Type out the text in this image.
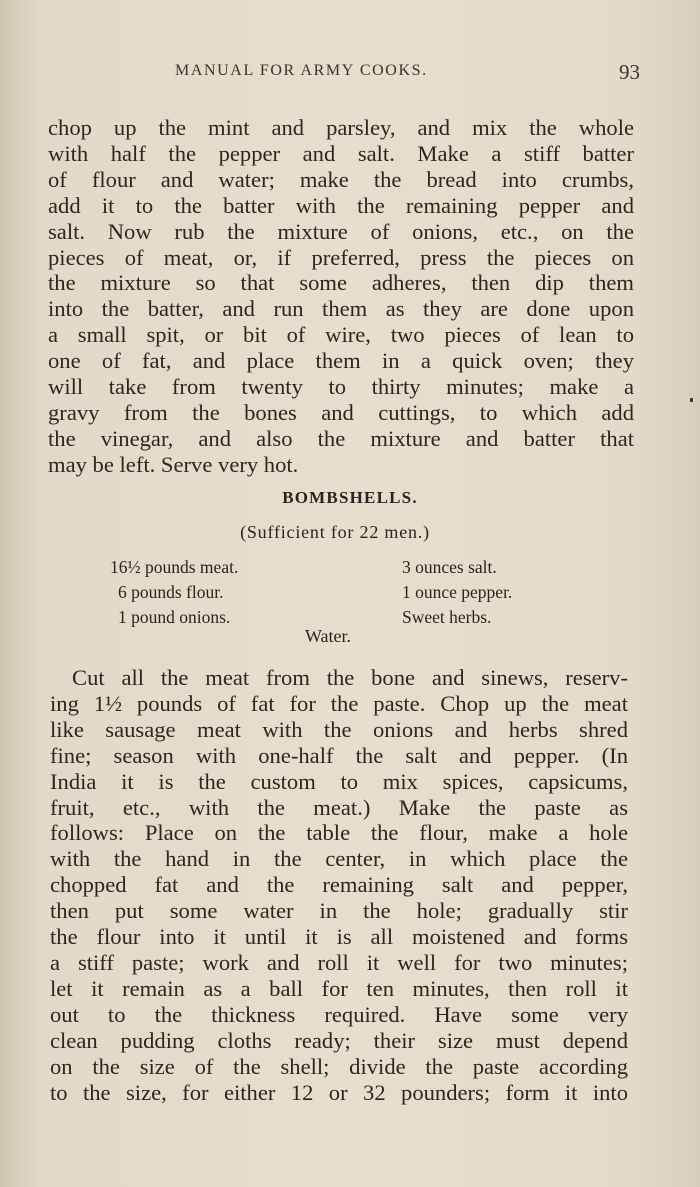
MANUAL FOR ARMY COOKS.	93
chop up the mint and parsley, and mix the whole
with half the pepper and salt. Make a stiff batter
of flour and water; make the bread into crumbs,
add it to the batter with the remaining pepper and
salt. Now rub the mixture of onions, etc., on the
pieces of meat, or, if preferred, press the pieces on
the mixture so that some adheres, then dip them
into the batter, and run them as they are done upon
a small spit, or bit of wire, two pieces of lean to
one of fat, and place them in a quick oven; they
will take from twenty to thirty minutes; make a
gravy from the bones and cuttings, to which add
the vinegar, and also the mixture and batter that
may be left. Serve very hot.
BOMBSHELLS.
(Sufficient for 22 men.)
16½ pounds meat.
6 pounds flour.
1 pound onions.
3 ounces salt.
1 ounce pepper.
Sweet herbs.
Water.
Cut all the meat from the bone and sinews, reserv-
ing 1½ pounds of fat for the paste. Chop up the meat
like sausage meat with the onions and herbs shred
fine; season with one-half the salt and pepper. (In
India it is the custom to mix spices, capsicums,
fruit, etc., with the meat.) Make the paste as
follows: Place on the table the flour, make a hole
with the hand in the center, in which place the
chopped fat and the remaining salt and pepper,
then put some water in the hole; gradually stir
the flour into it until it is all moistened and forms
a stiff paste; work and roll it well for two minutes;
let it remain as a ball for ten minutes, then roll it
out to the thickness required. Have some very
clean pudding cloths ready; their size must depend
on the size of the shell; divide the paste according
to the size, for either 12 or 32 pounders; form it into
